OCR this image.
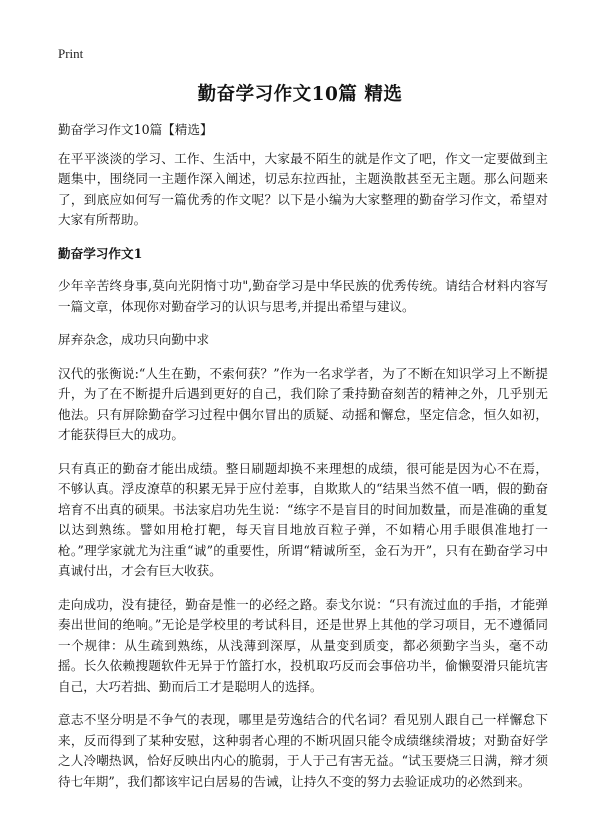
Print
勤奋学习作文10篇 精选

勤奋学习作文10篇【精选】

在平平淡淡的学习、工作、生活中，大家最不陌生的就是作文了吧，作文一定要做到主题集中，围绕同一主题作深入阐述，切忌东拉西扯，主题涣散甚至无主题。那么问题来了，到底应如何写一篇优秀的作文呢？以下是小编为大家整理的勤奋学习作文，希望对大家有所帮助。

勤奋学习作文1

少年辛苦终身事,莫向光阴惰寸功",勤奋学习是中华民族的优秀传统。请结合材料内容写一篇文章，体现你对勤奋学习的认识与思考,并提出希望与建议。

屏弃杂念，成功只向勤中求

汉代的张衡说:“人生在勤，不索何获？”作为一名求学者，为了不断在知识学习上不断提升，为了在不断提升后遇到更好的自己，我们除了秉持勤奋刻苦的精神之外，几乎别无他法。只有屏除勤奋学习过程中偶尔冒出的质疑、动摇和懈怠，坚定信念，恒久如初，才能获得巨大的成功。

只有真正的勤奋才能出成绩。整日刷题却换不来理想的成绩，很可能是因为心不在焉，不够认真。浮皮潦草的积累无异于应付差事，自欺欺人的“结果当然不值一哂，假的勤奋培育不出真的硕果。书法家启功先生说：“练字不是盲目的时间加数量，而是准确的重复以达到熟练。譬如用枪打靶，每天盲目地放百粒子弹，不如精心用手眼俱准地打一枪。”理学家就尤为注重“诚”的重要性，所谓“精诚所至，金石为开”，只有在勤奋学习中真诚付出，才会有巨大收获。

走向成功，没有捷径，勤奋是惟一的必经之路。泰戈尔说：“只有流过血的手指，才能弹奏出世间的绝响。”无论是学校里的考试科目，还是世界上其他的学习项目，无不遵循同一个规律：从生疏到熟练，从浅薄到深厚，从量变到质变，都必须勤字当头，毫不动摇。长久依赖搜题软件无异于竹篮打水，投机取巧反而会事倍功半，偷懒耍滑只能坑害自己，大巧若拙、勤而后工才是聪明人的选择。

意志不坚分明是不争气的表现，哪里是劳逸结合的代名词？看见别人跟自己一样懈怠下来，反而得到了某种安慰，这种弱者心理的不断巩固只能令成绩继续滑坡；对勤奋好学之人冷嘲热讽，恰好反映出内心的脆弱，于人于己有害无益。“试玉要烧三日满，辩才须待七年期”，我们都该牢记白居易的告诫，让持久不变的努力去验证成功的必然到来。
